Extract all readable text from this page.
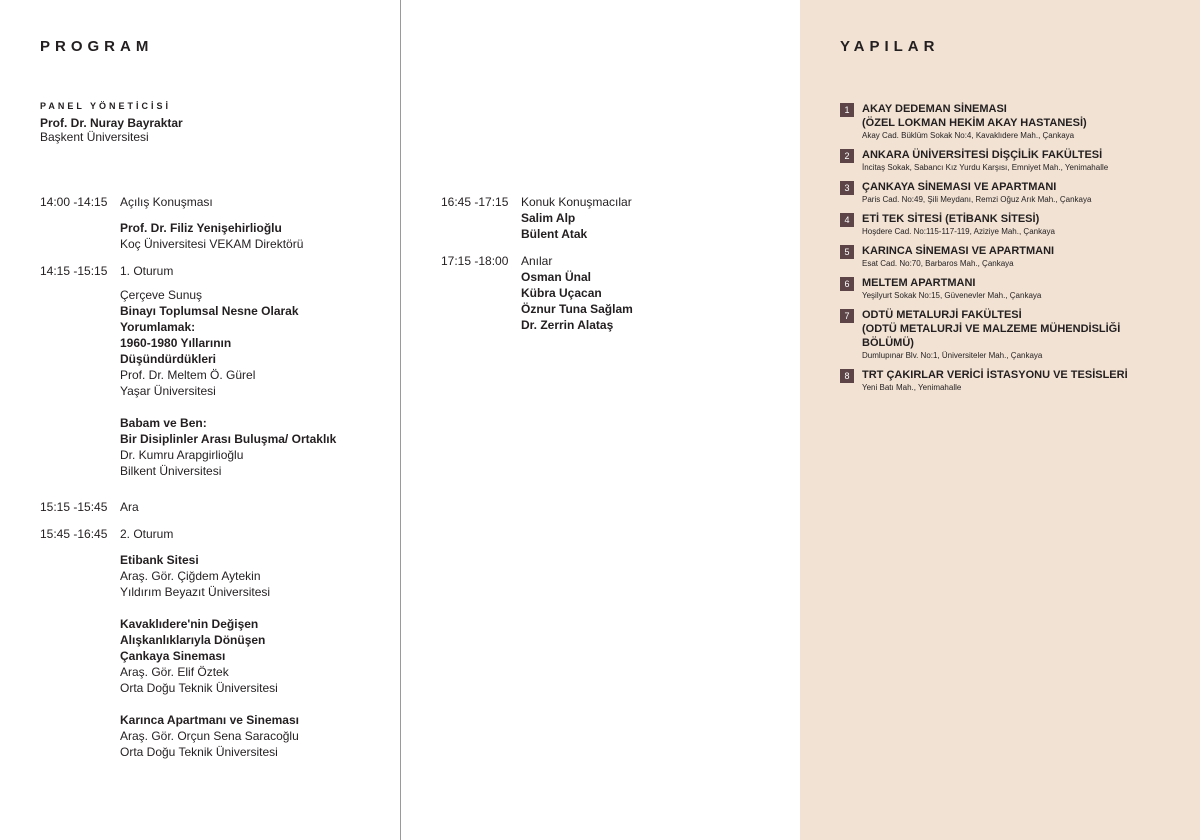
PROGRAM
PANEL YÖNETİCİSİ
Prof. Dr. Nuray Bayraktar
Başkent Üniversitesi
14:00 -14:15	Açılış Konuşması
Prof. Dr. Filiz Yenişehirlioğlu
Koç Üniversitesi VEKAM Direktörü
14:15 -15:15	1. Oturum
Çerçeve Sunuş
Binayı Toplumsal Nesne Olarak
Yorumlamak:
1960-1980 Yıllarının
Düşündürdükleri
Prof. Dr. Meltem Ö. Gürel
Yaşar Üniversitesi
Babam ve Ben:
Bir Disiplinler Arası Buluşma/ Ortaklık
Dr. Kumru Arapgirlioğlu
Bilkent Üniversitesi
15:15 -15:45	Ara
15:45 -16:45	2. Oturum
Etibank Sitesi
Araş. Gör. Çiğdem Aytekin
Yıldırım Beyazıt Üniversitesi
Kavaklıdere'nin Değişen
Alışkanlıklarıyla Dönüşen
Çankaya Sineması
Araş. Gör. Elif Öztek
Orta Doğu Teknik Üniversitesi
Karınca Apartmanı ve Sineması
Araş. Gör. Orçun Sena Saracoğlu
Orta Doğu Teknik Üniversitesi
16:45 -17:15	Konuk Konuşmacılar
Salim Alp
Bülent Atak
17:15 -18:00	Anılar
Osman Ünal
Kübra Uçacan
Öznur Tuna Sağlam
Dr. Zerrin Alataş
YAPILAR
1	AKAY DEDEMAN SİNEMASI
(ÖZEL LOKMAN HEKİM AKAY HASTANESİ)
Akay Cad. Büklüm Sokak No:4, Kavaklıdere Mah., Çankaya
2	ANKARA ÜNİVERSİTESİ DİŞÇİLİK FAKÜLTESİ
İncitaş Sokak, Sabancı Kız Yurdu Karşısı, Emniyet Mah., Yenimahalle
3	ÇANKAYA SİNEMASI VE APARTMANI
Paris Cad. No:49, Şili Meydanı, Remzi Oğuz Arık Mah., Çankaya
4	ETİ TEK SİTESİ (ETİBANK SİTESİ)
Hoşdere Cad. No:115-117-119, Aziziye Mah., Çankaya
5	KARINCA SİNEMASI VE APARTMANI
Esat Cad. No:70, Barbaros Mah., Çankaya
6	MELTEM APARTMANI
Yeşilyurt Sokak No:15, Güvenevler Mah., Çankaya
7	ODTÜ METALURJİ FAKÜLTESİ
(ODTÜ METALURJİ VE MALZEME MÜHENDİSLİĞİ
BÖLÜMÜ)
Dumlupınar Blv. No:1, Üniversiteler Mah., Çankaya
8	TRT ÇAKIRLAR VERİCİ İSTASYONU VE TESİSLERİ
Yeni Batı Mah., Yenimahalle
